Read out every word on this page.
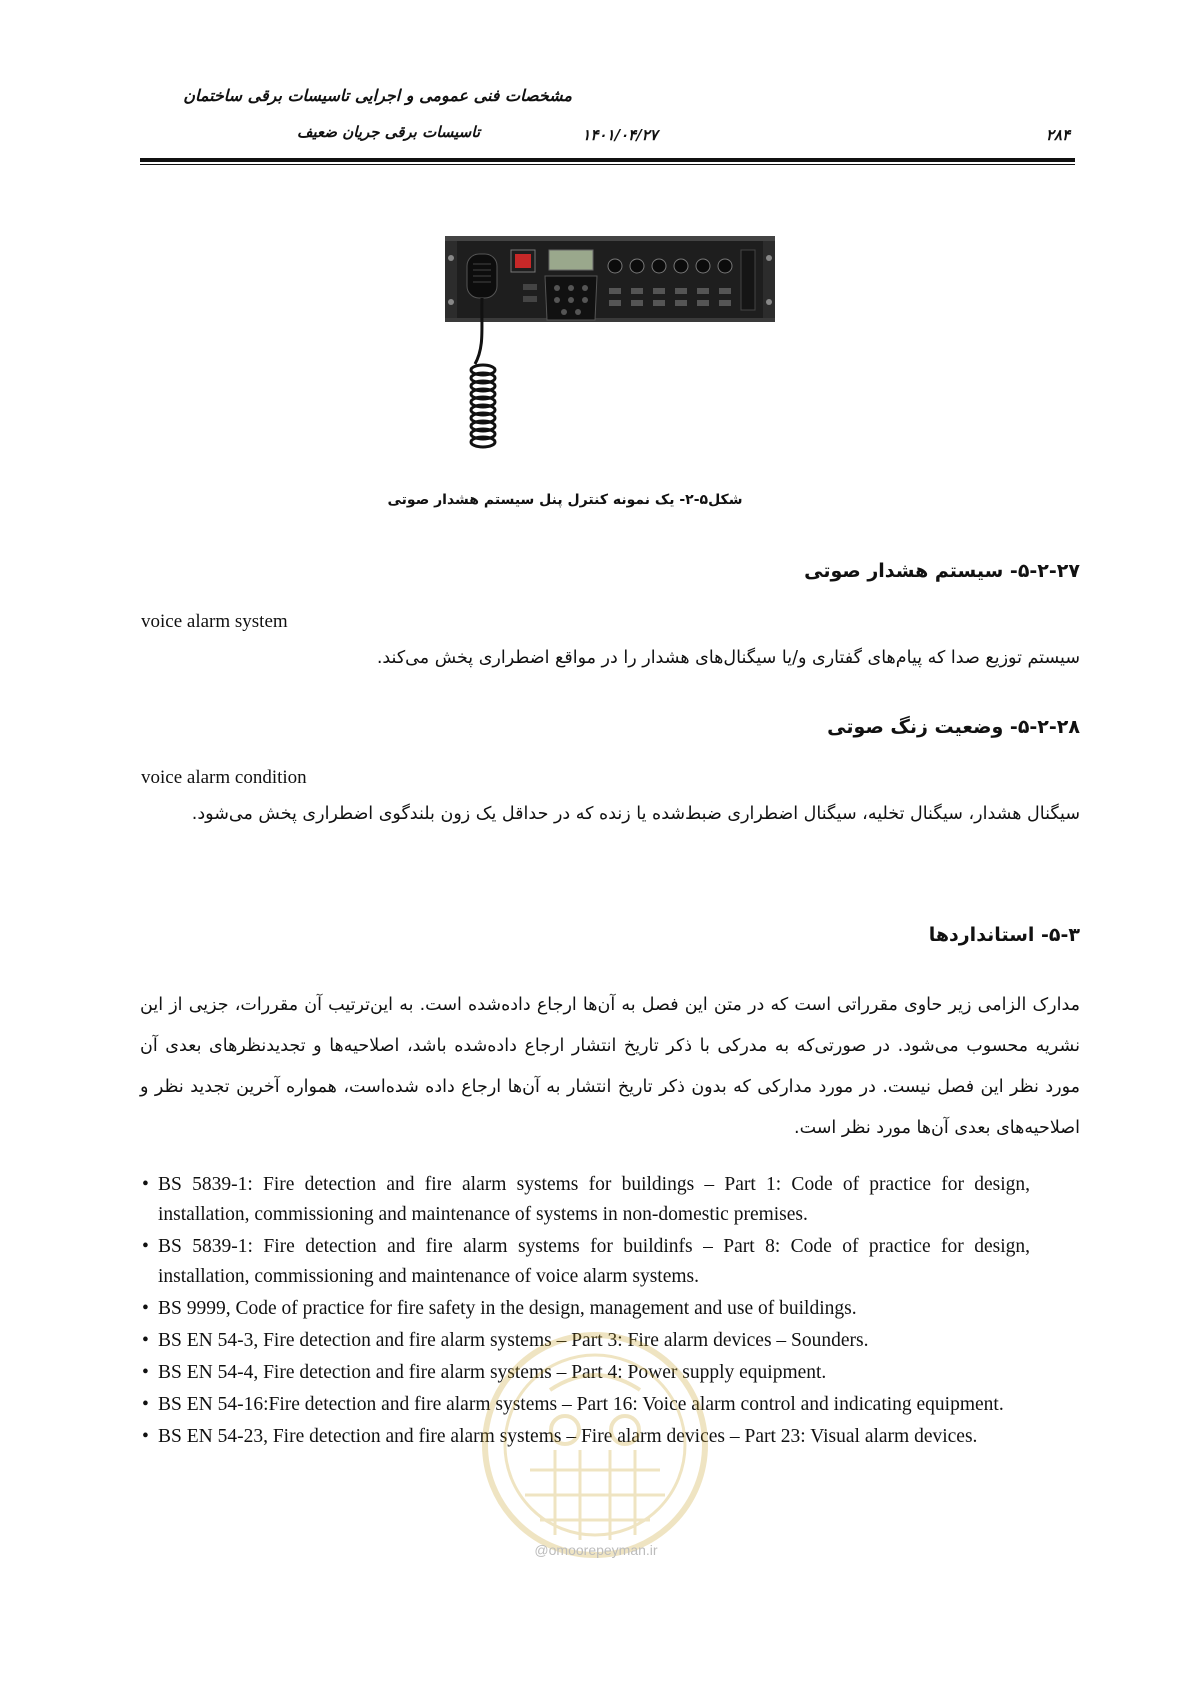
مشخصات فنی عمومی و اجرایی تاسیسات برقی ساختمان
تاسیسات برقی جریان ضعیف	۱۴۰۱/۰۴/۲۷	۲۸۴
شکل۵-۲- یک نمونه کنترل پنل سیستم هشدار صوتی
۵-۲-۲۷- سیستم هشدار صوتی
voice alarm system
سیستم توزیع صدا که پیام‌های گفتاری و/یا سیگنال‌های هشدار را در مواقع اضطراری پخش می‌کند.
۵-۲-۲۸- وضعیت زنگ صوتی
voice alarm condition
سیگنال هشدار، سیگنال تخلیه، سیگنال اضطراری ضبط‌شده یا زنده که در حداقل یک زون بلندگوی اضطراری پخش می‌شود.
۵-۳- استانداردها
مدارک الزامی زیر حاوی مقرراتی است که در متن این فصل به آن‌ها ارجاع داده‌شده است. به این‌ترتیب آن مقررات، جزیی از این نشریه محسوب می‌شود. در صورتی‌که به مدرکی با ذکر تاریخ انتشار ارجاع داده‌شده باشد، اصلاحیه‌ها و تجدیدنظرهای بعدی آن مورد نظر این فصل نیست. در مورد مدارکی که بدون ذکر تاریخ انتشار به آن‌ها ارجاع داده شده‌است، همواره آخرین تجدید نظر و اصلاحیه‌های بعدی آن‌ها مورد نظر است.
• BS 5839-1: Fire detection and fire alarm systems for buildings – Part 1: Code of practice for design, installation, commissioning and maintenance of systems in non-domestic premises.
• BS 5839-1: Fire detection and fire alarm systems for buildinfs – Part 8: Code of practice for design, installation, commissioning and maintenance of voice alarm systems.
• BS 9999, Code of practice for fire safety in the design, management and use of buildings.
• BS EN 54-3, Fire detection and fire alarm systems – Part 3: Fire alarm devices – Sounders.
• BS EN 54-4, Fire detection and fire alarm systems – Part 4: Power supply equipment.
• BS EN 54-16:Fire detection and fire alarm systems – Part 16: Voice alarm control and indicating equipment.
• BS EN 54-23, Fire detection and fire alarm systems – Fire alarm devices – Part 23: Visual alarm devices.
@omoorepeyman.ir
